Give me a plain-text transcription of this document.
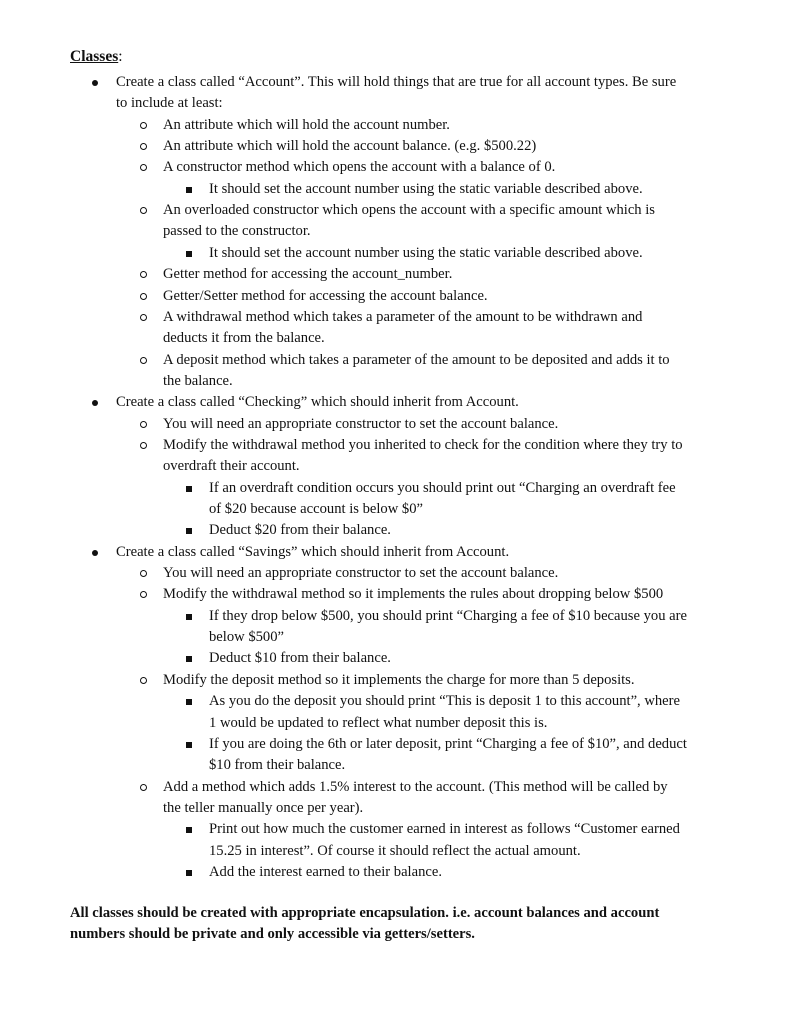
Classes:
Create a class called “Account”. This will hold things that are true for all account types. Be sure
to include at least:
An attribute which will hold the account number.
An attribute which will hold the account balance. (e.g. $500.22)
A constructor method which opens the account with a balance of 0.
It should set the account number using the static variable described above.
An overloaded constructor which opens the account with a specific amount which is
passed to the constructor.
It should set the account number using the static variable described above.
Getter method for accessing the account_number.
Getter/Setter method for accessing the account balance.
A withdrawal method which takes a parameter of the amount to be withdrawn and
deducts it from the balance.
A deposit method which takes a parameter of the amount to be deposited and adds it to
the balance.
Create a class called “Checking” which should inherit from Account.
You will need an appropriate constructor to set the account balance.
Modify the withdrawal method you inherited to check for the condition where they try to
overdraft their account.
If an overdraft condition occurs you should print out “Charging an overdraft fee
of $20 because account is below $0”
Deduct $20 from their balance.
Create a class called “Savings” which should inherit from Account.
You will need an appropriate constructor to set the account balance.
Modify the withdrawal method so it implements the rules about dropping below $500
If they drop below $500, you should print “Charging a fee of $10 because you are
below $500”
Deduct $10 from their balance.
Modify the deposit method so it implements the charge for more than 5 deposits.
As you do the deposit you should print “This is deposit 1 to this account”, where
1 would be updated to reflect what number deposit this is.
If you are doing the 6th or later deposit, print “Charging a fee of $10”, and deduct
$10 from their balance.
Add a method which adds 1.5% interest to the account. (This method will be called by
the teller manually once per year).
Print out how much the customer earned in interest as follows “Customer earned
15.25 in interest”. Of course it should reflect the actual amount.
Add the interest earned to their balance.
All classes should be created with appropriate encapsulation. i.e. account balances and account
numbers should be private and only accessible via getters/setters.
